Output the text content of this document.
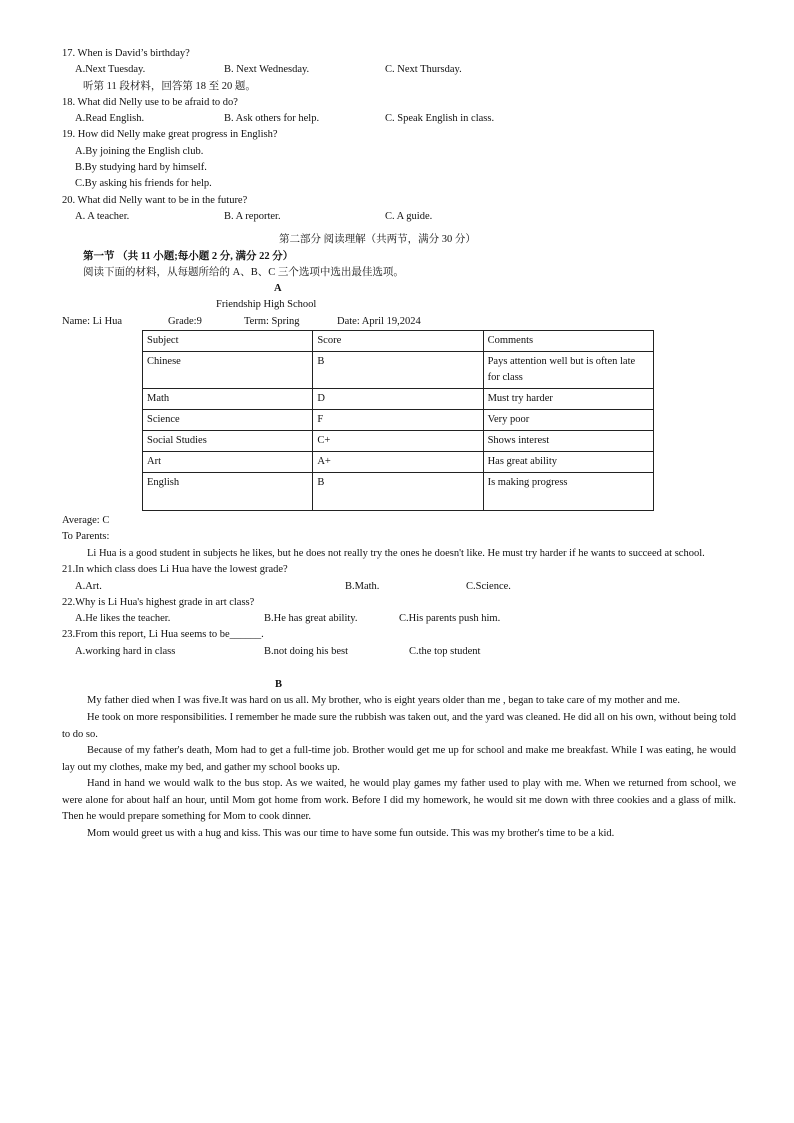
17. When is David’s birthday?
A.Next Tuesday.	B. Next Wednesday.	C. Next Thursday.
听第 11 段材料，回答第 18 至 20 题。
18. What did Nelly use to be afraid to do?
A.Read English.	B. Ask others for help.	C. Speak English in class.
19. How did Nelly make great progress in English?
A.By joining the English club.
B.By studying hard by himself.
C.By asking his friends for help.
20. What did Nelly want to be in the future?
A. A teacher.	B. A reporter.	C. A guide.
第二部分 阅读理解（共两节，满分 30 分）
第一节 （共 11 小题;每小题 2 分, 满分 22 分）
阅读下面的材料，从每题所给的 A、B、C 三个选项中选出最佳选项。
A
Friendship High School
Name: Li Hua	Grade:9	Term: Spring	Date: April 19,2024
Subject	Score	Comments
Chinese	B	Pays attention well but is often late for class
Math	D	Must try harder
Science	F	Very poor
Social Studies	C+	Shows interest
Art	A+	Has great ability
English	B	Is making progress
Average: C
To Parents:
Li Hua is a good student in subjects he likes, but he does not really try the ones he doesn't like. He must try harder if he wants to succeed at school.
21.In which class does Li Hua have the lowest grade?
A.Art.	B.Math.	C.Science.
22.Why is Li Hua's highest grade in art class?
A.He likes the teacher.	B.He has great ability.	C.His parents push him.
23.From this report, Li Hua seems to be______.
A.working hard in class	B.not doing his best	C.the top student
B
My father died when I was five.It was hard on us all. My brother, who is eight years older than me , began to take care of my mother and me.
He took on more responsibilities. I remember he made sure the rubbish was taken out, and the yard was cleaned. He did all on his own, without being told to do so.
Because of my father's death, Mom had to get a full-time job. Brother would get me up for school and make me breakfast. While I was eating, he would lay out my clothes, make my bed, and gather my school books up.
Hand in hand we would walk to the bus stop. As we waited, he would play games my father used to play with me. When we returned from school, we were alone for about half an hour, until Mom got home from work. Before I did my homework, he would sit me down with three cookies and a glass of milk. Then he would prepare something for Mom to cook dinner.
Mom would greet us with a hug and kiss. This was our time to have some fun outside. This was my brother's time to be a kid.
